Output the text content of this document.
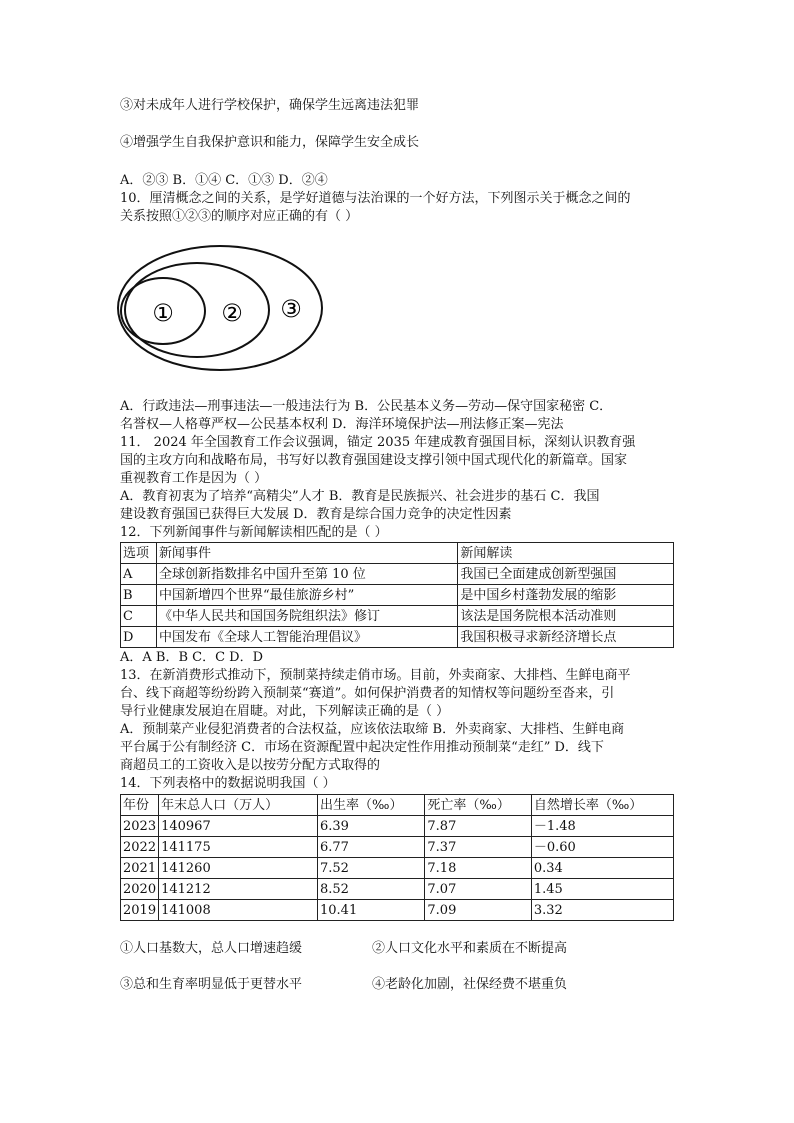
③对未成年人进行学校保护，确保学生远离违法犯罪
④增强学生自我保护意识和能力，保障学生安全成长
A．②③ B．①④ C．①③ D．②④
10．厘清概念之间的关系，是学好道德与法治课的一个好方法，下列图示关于概念之间的
关系按照①②③的顺序对应正确的有（ ）
① ② ③
A．行政违法—刑事违法—一般违法行为 B．公民基本义务—劳动—保守国家秘密 C．
名誉权—人格尊严权—公民基本权利 D．海洋环境保护法—刑法修正案—宪法
11． 2024 年全国教育工作会议强调，锚定 2035 年建成教育强国目标，深刻认识教育强
国的主攻方向和战略布局，书写好以教育强国建设支撑引领中国式现代化的新篇章。国家
重视教育工作是因为（ ）
A．教育初衷为了培养“高精尖”人才 B．教育是民族振兴、社会进步的基石 C．我国
建设教育强国已获得巨大发展 D．教育是综合国力竞争的决定性因素
12．下列新闻事件与新闻解读相匹配的是（ ）
选项	新闻事件	新闻解读
A	全球创新指数排名中国升至第 10 位	我国已全面建成创新型强国
B	中国新增四个世界“最佳旅游乡村”	是中国乡村蓬勃发展的缩影
C	《中华人民共和国国务院组织法》修订	该法是国务院根本活动准则
D	中国发布《全球人工智能治理倡议》	我国积极寻求新经济增长点
A．A B．B C．C D．D
13．在新消费形式推动下，预制菜持续走俏市场。目前，外卖商家、大排档、生鲜电商平
台、线下商超等纷纷跨入预制菜“赛道”。如何保护消费者的知情权等问题纷至沓来，引
导行业健康发展迫在眉睫。对此，下列解读正确的是（ ）
A．预制菜产业侵犯消费者的合法权益，应该依法取缔 B．外卖商家、大排档、生鲜电商
平台属于公有制经济 C．市场在资源配置中起决定性作用推动预制菜“走红” D．线下
商超员工的工资收入是以按劳分配方式取得的
14．下列表格中的数据说明我国（ ）
年份	年末总人口（万人）	出生率（‰）	死亡率（‰）	自然增长率（‰）
2023	140967	6.39	7.87	－1.48
2022	141175	6.77	7.37	－0.60
2021	141260	7.52	7.18	0.34
2020	141212	8.52	7.07	1.45
2019	141008	10.41	7.09	3.32
①人口基数大，总人口增速趋缓	②人口文化水平和素质在不断提高
③总和生育率明显低于更替水平	④老龄化加剧，社保经费不堪重负
